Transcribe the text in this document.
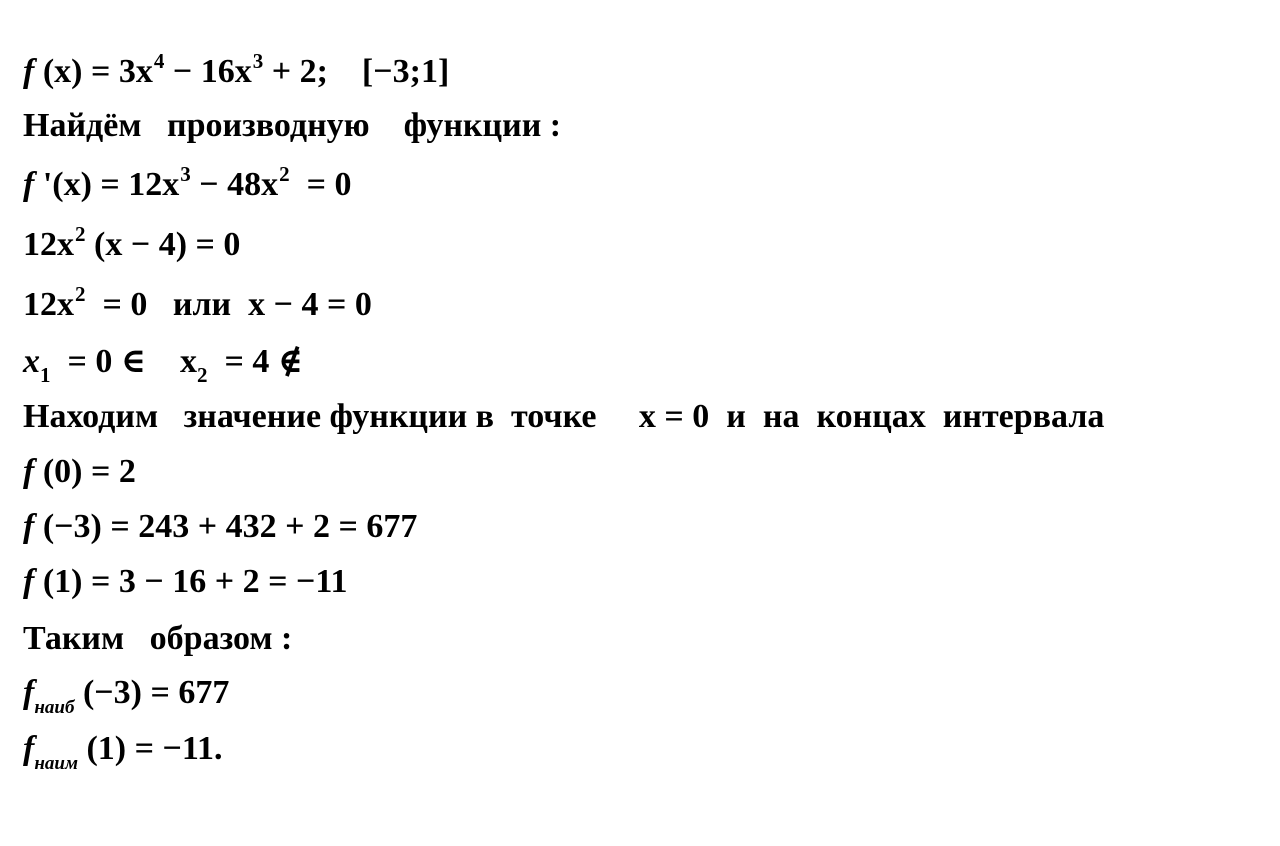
f $(x) = 3x^4 - 16x^3 + 2$;    [−3;1]

Найдём   производную    функции :

f '$(x) = 12x^3 - 48x^2 = 0$

$12x^2$ (x − 4) = 0

$12x^2 = 0$   или  x − 4 = 0

$x_1 = 0$ ∈    $x_2 = 4$ ∉

Находим   значение функции в  точке     x = 0  и  на  концах  интервала

f (0) = 2

f (−3) = 243 + 432 + 2 = 677

f (1) = 3 − 16 + 2 = −11

Таким   образом :

$f_{наиб}$ (−3) = 677

$f_{наим}$ (1) = −11.
